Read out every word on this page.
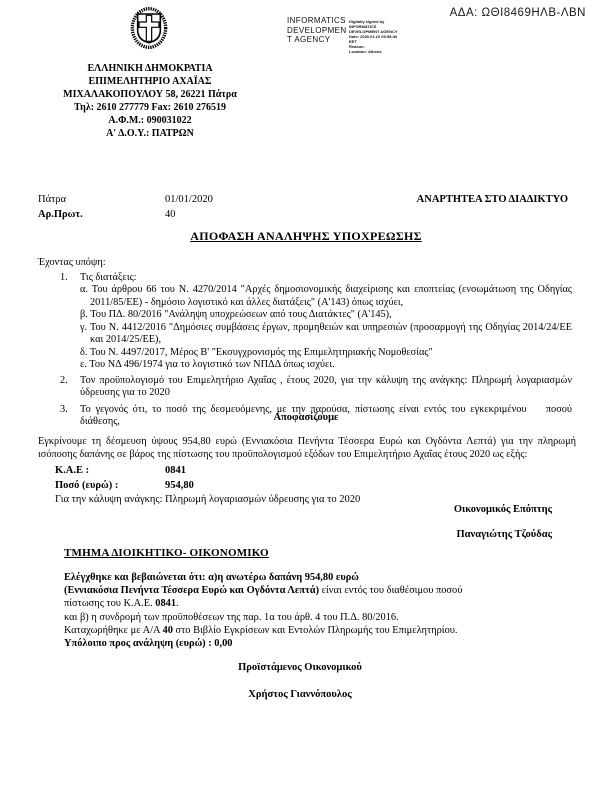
ΕΛΛΗΝΙΚΗ ΔΗΜΟΚΡΑΤΙΑ
ΕΠΙΜΕΛΗΤΗΡΙΟ ΑΧΑΪΑΣ
ΜΙΧΑΛΑΚΟΠΟΥΛΟΥ 58, 26221 Πάτρα
Τηλ: 2610 277779 Fax: 2610 276519
Α.Φ.Μ.: 090031022
Α' Δ.Ο.Υ.: ΠΑΤΡΩΝ
INFORMATICS
DEVELOPMEN
T AGENCY
Digitally signed by
INFORMATICS
DEVELOPMENT AGENCY
Date: 2020.01.10 09:58:36
EET
Reason:
Location: Athens
ΑΔΑ: ΩΘΙ8469ΗΛΒ-ΛΒΝ
Πάτρα	01/01/2020	ΑΝΑΡΤΗΤΕΑ ΣΤΟ ΔΙΑΔΙΚΤΥΟ
Αρ.Πρωτ.	40
ΑΠΟΦΑΣΗ ΑΝΑΛΗΨΗΣ ΥΠΟΧΡΕΩΣΗΣ
Έχοντας υπόψη:
1.	Τις διατάξεις:
α. Του άρθρου 66 του Ν. 4270/2014 "Αρχές δημοσιονομικής διαχείρισης και εποπτείας (ενσωμάτωση της Οδηγίας 2011/85/ΕΕ) - δημόσιο λογιστικό και άλλες διατάξεις" (Α'143) όπως ισχύει,
β. Του ΠΔ. 80/2016 "Ανάληψη υποχρεώσεων από τους Διατάκτες" (Α'145),
γ. Του Ν. 4412/2016 "Δημόσιες συμβάσεις έργων, προμηθειών και υπηρεσιών (προσαρμογή της Οδηγίας 2014/24/ΕΕ και 2014/25/ΕΕ),
δ. Του Ν. 4497/2017, Μέρος Β' "Εκσυγχρονισμός της Επιμελητηριακής Νομοθεσίας"
ε. Του ΝΔ 496/1974 για το λογιστικό των ΝΠΔΔ όπως ισχύει.
2.	Τον προϋπολογισμό του Επιμελητήριο Αχαΐας , έτους 2020, για την κάλυψη της ανάγκης: Πληρωμή λογαριασμών ύδρευσης για το 2020
3.	Το γεγονός ότι, το ποσό της δεσμευόμενης, με την παρούσα, πίστωσης είναι εντός του εγκεκριμένου    ποσού διάθεσης,	Αποφασίζουμε
Εγκρίνουμε τη δέσμευση ύψους 954,80 ευρώ (Εννιακόσια Πενήντα Τέσσερα Ευρώ και Ογδόντα Λεπτά) για την πληρωμή ισόποσης δαπάνης σε βάρος της πίστωσης του προϋπολογισμού εξόδων του Επιμελητήριο Αχαΐας έτους 2020 ως εξής:
Κ.Α.Ε :	0841
Ποσό (ευρώ) :	954,80
Για την κάλυψη ανάγκης: Πληρωμή λογαριασμών ύδρευσης για το 2020
Οικονομικός Επόπτης
Παναγιώτης Τζούδας
ΤΜΗΜΑ ΔΙΟΙΚΗΤΙΚΟ- ΟΙΚΟΝΟΜΙΚΟ
Ελέγχθηκε και βεβαιώνεται ότι: α)η ανωτέρω δαπάνη 954,80 ευρώ
(Εννιακόσια Πενήντα Τέσσερα Ευρώ και Ογδόντα Λεπτά) είναι εντός του διαθέσιμου ποσού
πίστωσης του Κ.Α.Ε. 0841.
και β) η συνδρομή των προϋποθέσεων της παρ. 1α του άρθ. 4 του Π.Δ. 80/2016.
Καταχωρήθηκε με Α/Α 40 στο Βιβλίο Εγκρίσεων και Εντολών Πληρωμής του Επιμελητηρίου.
Υπόλοιπο προς ανάληψη (ευρώ) : 0,00
Προϊστάμενος Οικονομικού
Χρήστος Γιαννόπουλος
